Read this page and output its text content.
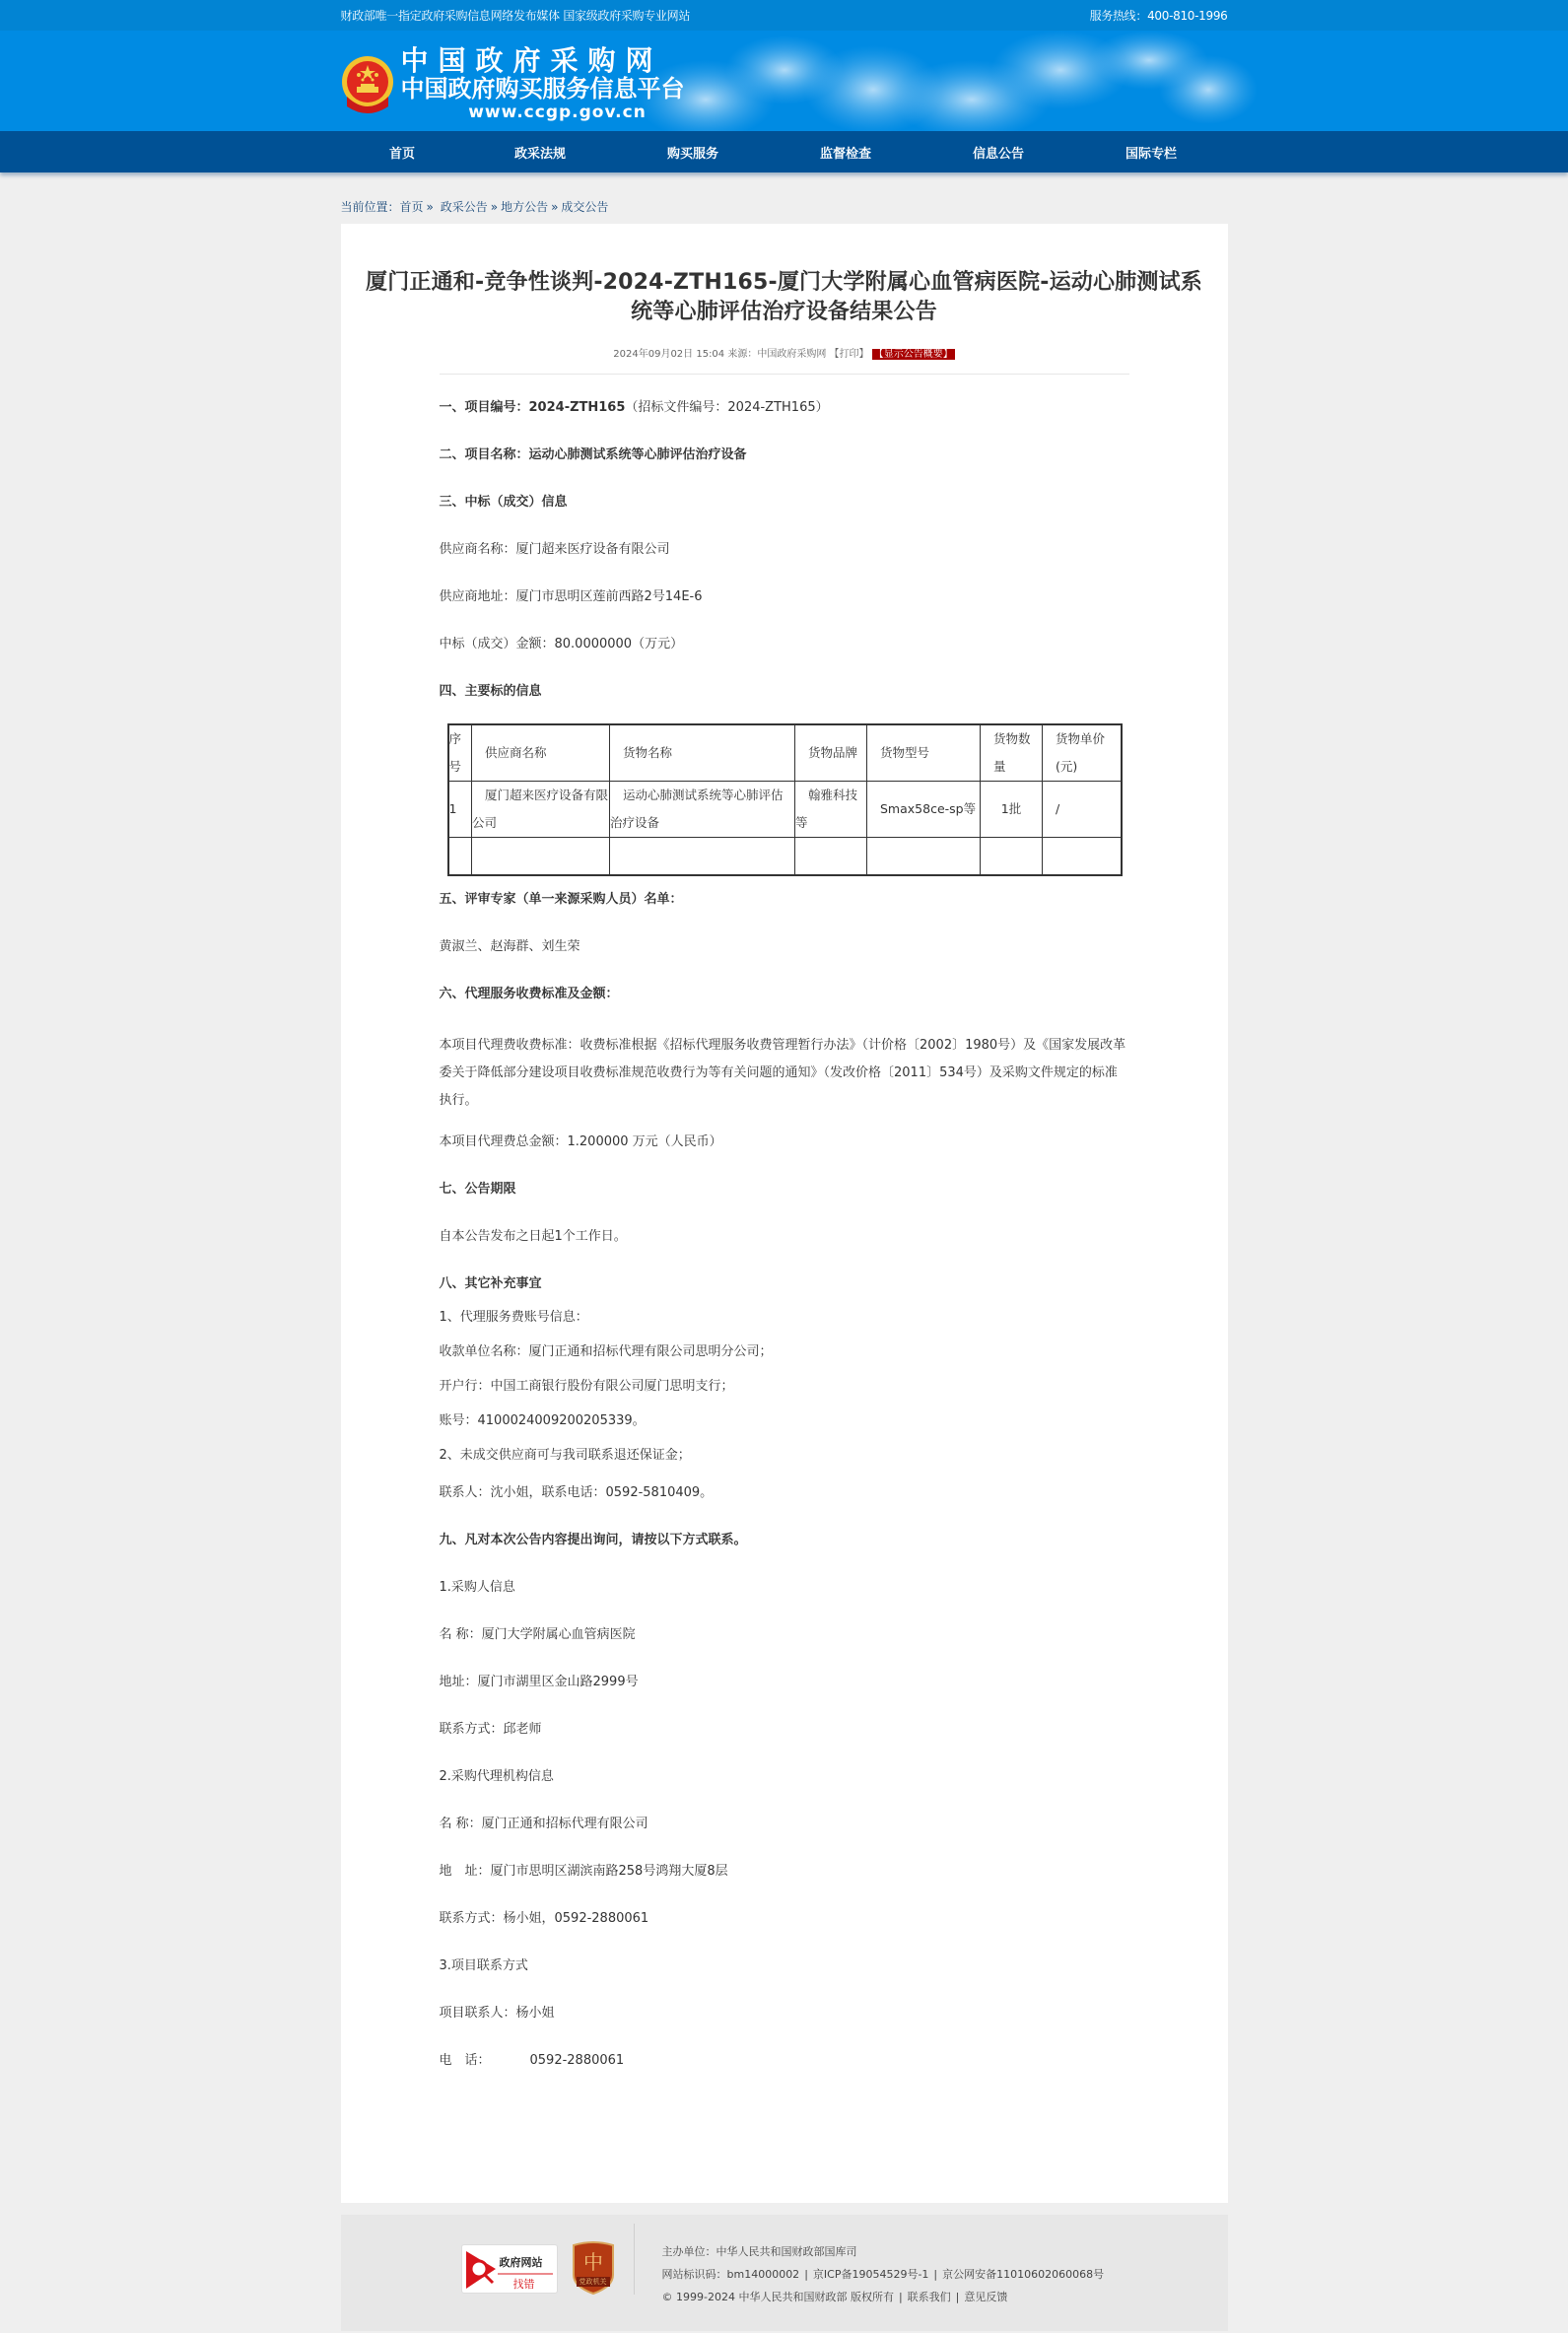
财政部唯一指定政府采购信息网络发布媒体 国家级政府采购专业网站	服务热线：400-810-1996
中国政府采购网
中国政府购买服务信息平台
www.ccgp.gov.cn
首页	政采法规	购买服务	监督检查	信息公告	国际专栏
当前位置：首页 » 政采公告 » 地方公告 » 成交公告
厦门正通和-竞争性谈判-2024-ZTH165-厦门大学附属心血管病医院-运动心肺测试系统等心肺评估治疗设备结果公告
2024年09月02日 15:04 来源：中国政府采购网 【打印】 【显示公告概要】

一、项目编号：2024-ZTH165（招标文件编号：2024-ZTH165）

二、项目名称：运动心肺测试系统等心肺评估治疗设备

三、中标（成交）信息

供应商名称：厦门超来医疗设备有限公司

供应商地址：厦门市思明区莲前西路2号14E-6

中标（成交）金额：80.0000000（万元）

四、主要标的信息

序号	供应商名称	货物名称	货物品牌	货物型号	货物数量	货物单价(元)
1	厦门超来医疗设备有限公司	运动心肺测试系统等心肺评估治疗设备	翰雅科技等	Smax58ce-sp等	1批	/

五、评审专家（单一来源采购人员）名单：

黄淑兰、赵海群、刘生荣

六、代理服务收费标准及金额：

本项目代理费收费标准：收费标准根据《招标代理服务收费管理暂行办法》（计价格〔2002〕1980号）及《国家发展改革委关于降低部分建设项目收费标准规范收费行为等有关问题的通知》（发改价格〔2011〕534号）及采购文件规定的标准执行。

本项目代理费总金额：1.200000 万元（人民币）

七、公告期限

自本公告发布之日起1个工作日。

八、其它补充事宜

1、代理服务费账号信息：

收款单位名称：厦门正通和招标代理有限公司思明分公司；

开户行：中国工商银行股份有限公司厦门思明支行；

账号：4100024009200205339。

2、未成交供应商可与我司联系退还保证金；

联系人：沈小姐，联系电话：0592-5810409。

九、凡对本次公告内容提出询问，请按以下方式联系。

1.采购人信息

名 称：厦门大学附属心血管病医院

地址：厦门市湖里区金山路2999号

联系方式：邱老师

2.采购代理机构信息

名 称：厦门正通和招标代理有限公司

地　址：厦门市思明区湖滨南路258号鸿翔大厦8层

联系方式：杨小姐，0592-2880061

3.项目联系方式

项目联系人：杨小姐

电　话：	0592-2880061

政府网站
找错
中
党政机关
主办单位：中华人民共和国财政部国库司
网站标识码：bm14000002 | 京ICP备19054529号-1 | 京公网安备11010602060068号
© 1999-2024 中华人民共和国财政部 版权所有 | 联系我们 | 意见反馈
